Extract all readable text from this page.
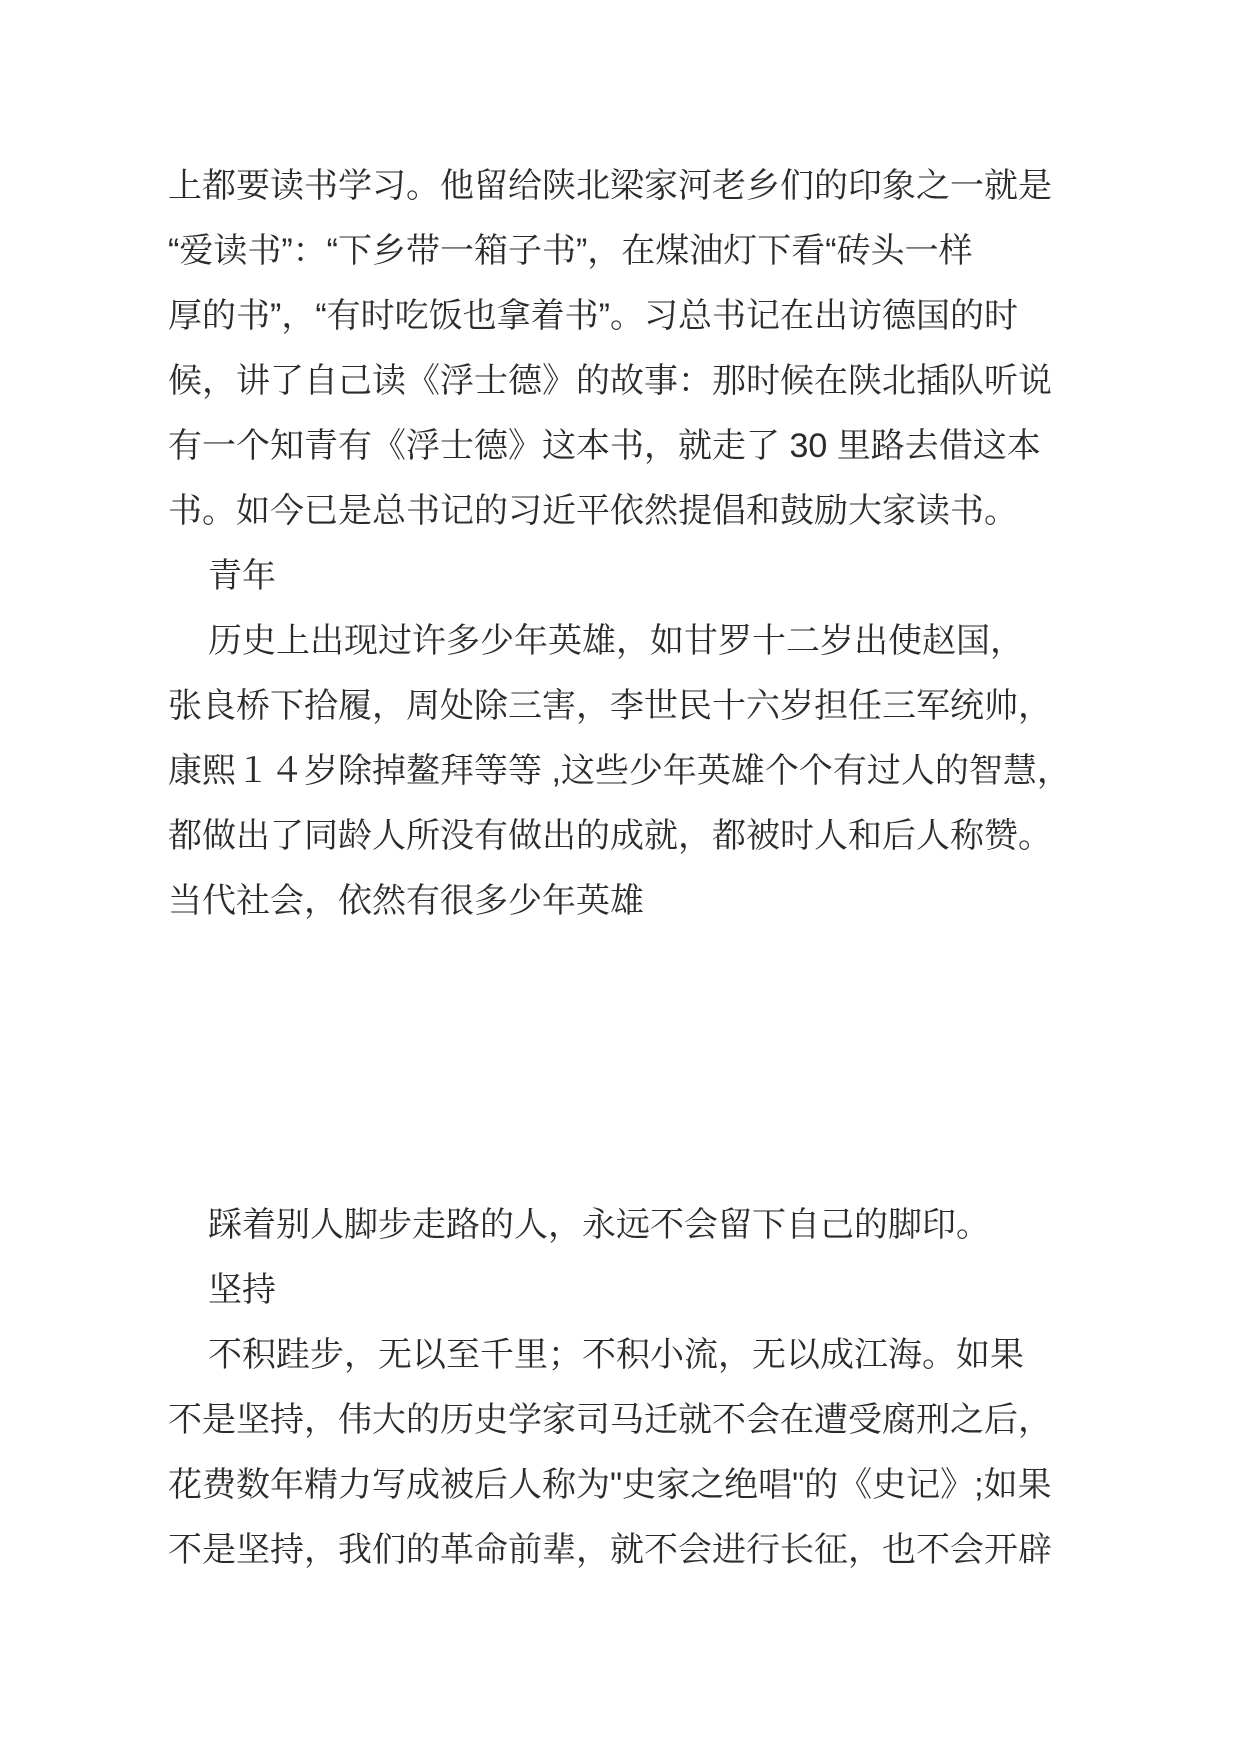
上都要读书学习。他留给陕北梁家河老乡们的印象之一就是
“爱读书”：“下乡带一箱子书”，在煤油灯下看“砖头一样
厚的书”，“有时吃饭也拿着书”。习总书记在出访德国的时
候，讲了自己读《浮士德》的故事：那时候在陕北插队听说
有一个知青有《浮士德》这本书，就走了 30 里路去借这本
书。如今已是总书记的习近平依然提倡和鼓励大家读书。
青年
历史上出现过许多少年英雄，如甘罗十二岁出使赵国，
张良桥下拾履，周处除三害，李世民十六岁担任三军统帅，
康熙１４岁除掉鳌拜等等 ,这些少年英雄个个有过人的智慧，
都做出了同龄人所没有做出的成就，都被时人和后人称赞。
当代社会，依然有很多少年英雄
踩着别人脚步走路的人，永远不会留下自己的脚印。
坚持
不积跬步，无以至千里；不积小流，无以成江海。如果
不是坚持，伟大的历史学家司马迁就不会在遭受腐刑之后，
花费数年精力写成被后人称为"史家之绝唱"的《史记》;如果
不是坚持，我们的革命前辈，就不会进行长征，也不会开辟
